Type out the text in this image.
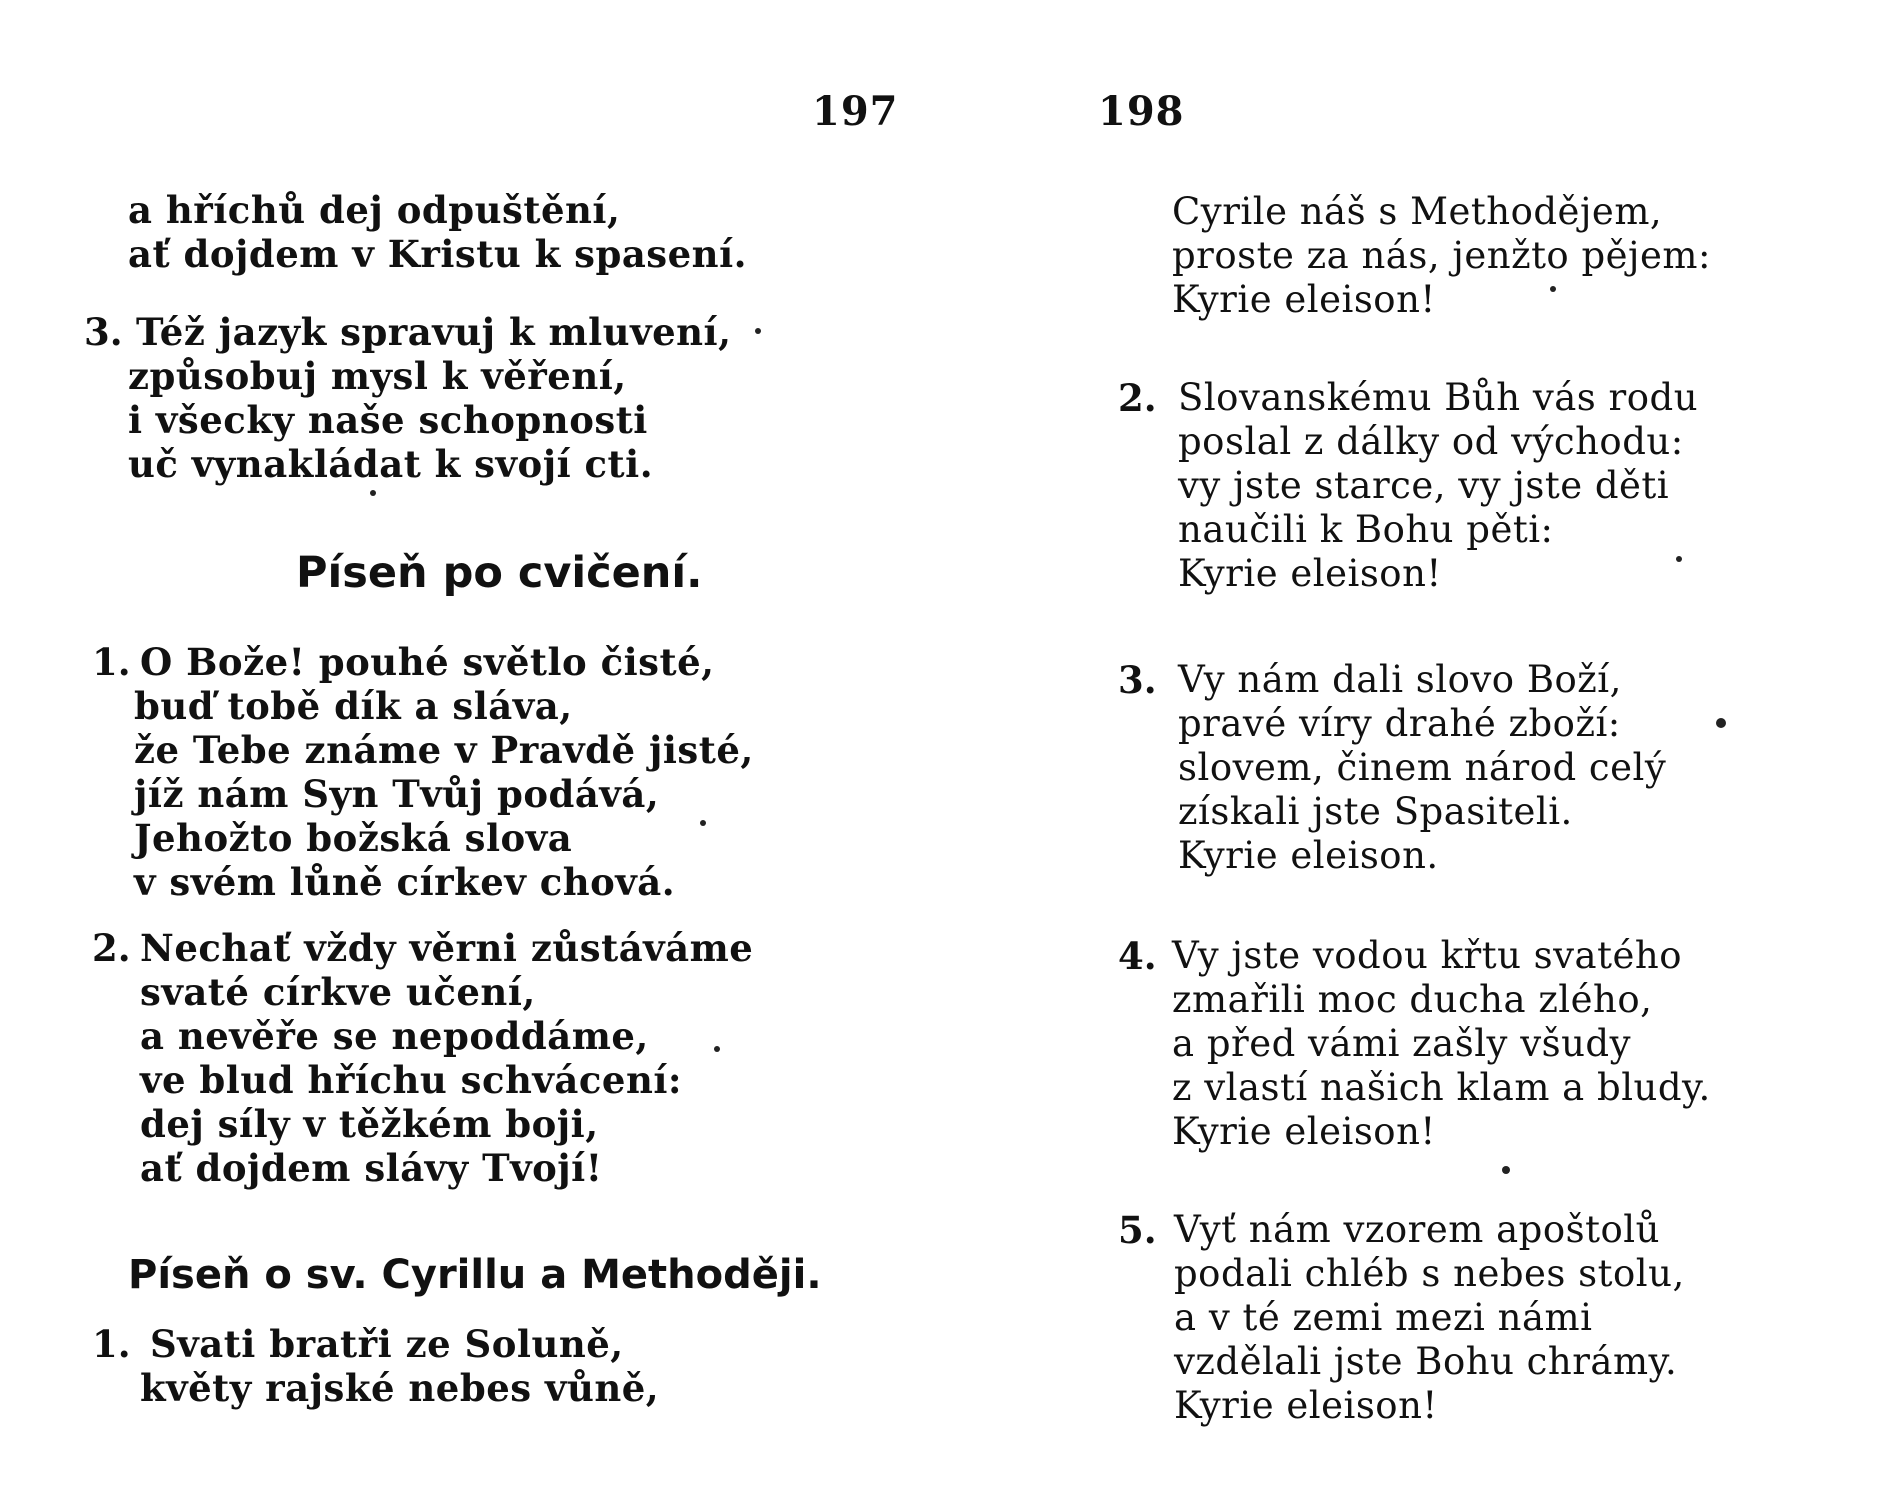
197
a hříchů dej odpuštění,
ať dojdem v Kristu k spasení.
3. Též jazyk spravuj k mluvení,
způsobuj mysl k věření,
i všecky naše schopnosti
uč vynakládat k svojí cti.
Píseň po cvičení.
1. O Bože! pouhé světlo čisté,
buď tobě dík a sláva,
že Tebe známe v Pravdě jisté,
jíž nám Syn Tvůj podává,
Jehožto božská slova
v svém lůně církev chová.
2. Nechať vždy věrni zůstáváme
svaté církve učení,
a nevěře se nepoddáme,
ve blud hříchu schvácení:
dej síly v těžkém boji,
ať dojdem slávy Tvojí!
Píseň o sv. Cyrillu a Methoději.
1. Svati bratři ze Soluně,
květy rajské nebes vůně,
198
Cyrile náš s Methodějem,
proste za nás, jenžto pějem:
Kyrie eleison!
2. Slovanskému Bůh vás rodu
poslal z dálky od východu:
vy jste starce, vy jste děti
naučili k Bohu pěti:
Kyrie eleison!
3. Vy nám dali slovo Boží,
pravé víry drahé zboží:
slovem, činem národ celý
získali jste Spasiteli.
Kyrie eleison.
4. Vy jste vodou křtu svatého
zmařili moc ducha zlého,
a před vámi zašly všudy
z vlastí našich klam a bludy.
Kyrie eleison!
5. Vyť nám vzorem apoštolů
podali chléb s nebes stolu,
a v té zemi mezi námi
vzdělali jste Bohu chrámy.
Kyrie eleison!
